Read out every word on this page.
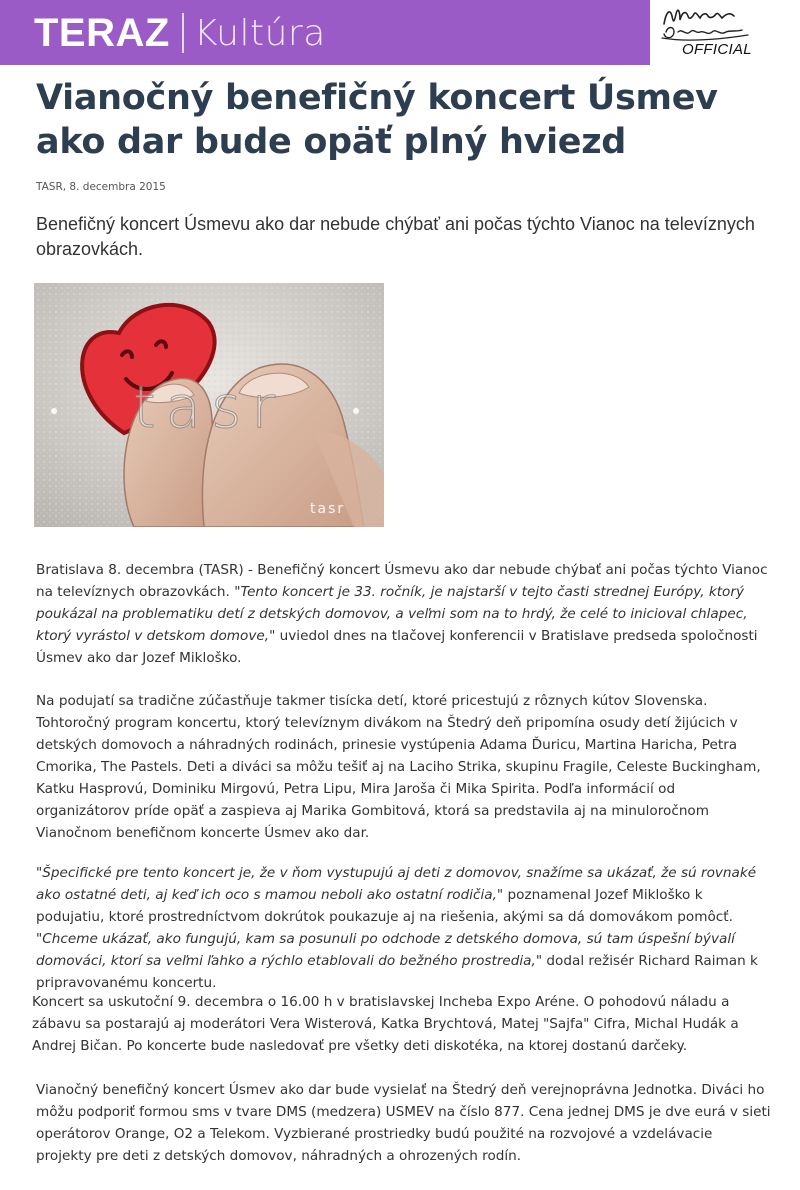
TERAZ Kultúra	OFFICIAL
Vianočný benefičný koncert Úsmev ako dar bude opäť plný hviezd
TASR, 8. decembra 2015

Benefičný koncert Úsmevu ako dar nebude chýbať ani počas týchto Vianoc na televíznych obrazovkách.

tasr
tasr

Bratislava 8. decembra (TASR) - Benefičný koncert Úsmevu ako dar nebude chýbať ani počas týchto Vianoc na televíznych obrazovkách. "Tento koncert je 33. ročník, je najstarší v tejto časti strednej Európy, ktorý poukázal na problematiku detí z detských domovov, a veľmi som na to hrdý, že celé to inicioval chlapec, ktorý vyrástol v detskom domove," uviedol dnes na tlačovej konferencii v Bratislave predseda spoločnosti Úsmev ako dar Jozef Mikloško.

Na podujatí sa tradične zúčastňuje takmer tisícka detí, ktoré pricestujú z rôznych kútov Slovenska. Tohtoročný program koncertu, ktorý televíznym divákom na Štedrý deň pripomína osudy detí žijúcich v detských domovoch a náhradných rodinách, prinesie vystúpenia Adama Ďuricu, Martina Haricha, Petra Cmorika, The Pastels. Deti a diváci sa môžu tešiť aj na Laciho Strika, skupinu Fragile, Celeste Buckingham, Katku Hasprovú, Dominiku Mirgovú, Petra Lipu, Mira Jaroša či Mika Spirita. Podľa informácií od organizátorov príde opäť a zaspieva aj Marika Gombitová, ktorá sa predstavila aj na minuloročnom Vianočnom benefičnom koncerte Úsmev ako dar.

"Špecifické pre tento koncert je, že v ňom vystupujú aj deti z domovov, snažíme sa ukázať, že sú rovnaké ako ostatné deti, aj keď ich oco s mamou neboli ako ostatní rodičia," poznamenal Jozef Mikloško k podujatiu, ktoré prostredníctvom dokrútok poukazuje aj na riešenia, akými sa dá domovákom pomôcť. "Chceme ukázať, ako fungujú, kam sa posunuli po odchode z detského domova, sú tam úspešní bývalí domováci, ktorí sa veľmi ľahko a rýchlo etablovali do bežného prostredia," dodal režisér Richard Raiman k pripravovanému koncertu.

Koncert sa uskutoční 9. decembra o 16.00 h v bratislavskej Incheba Expo Aréne. O pohodovú náladu a zábavu sa postarajú aj moderátori Vera Wisterová, Katka Brychtová, Matej "Sajfa" Cifra, Michal Hudák a Andrej Bičan. Po koncerte bude nasledovať pre všetky deti diskotéka, na ktorej dostanú darčeky.

Vianočný benefičný koncert Úsmev ako dar bude vysielať na Štedrý deň verejnoprávna Jednotka. Diváci ho môžu podporiť formou sms v tvare DMS (medzera) USMEV na číslo 877. Cena jednej DMS je dve eurá v sieti operátorov Orange, O2 a Telekom. Vyzbierané prostriedky budú použité na rozvojové a vzdelávacie projekty pre deti z detských domovov, náhradných a ohrozených rodín.
